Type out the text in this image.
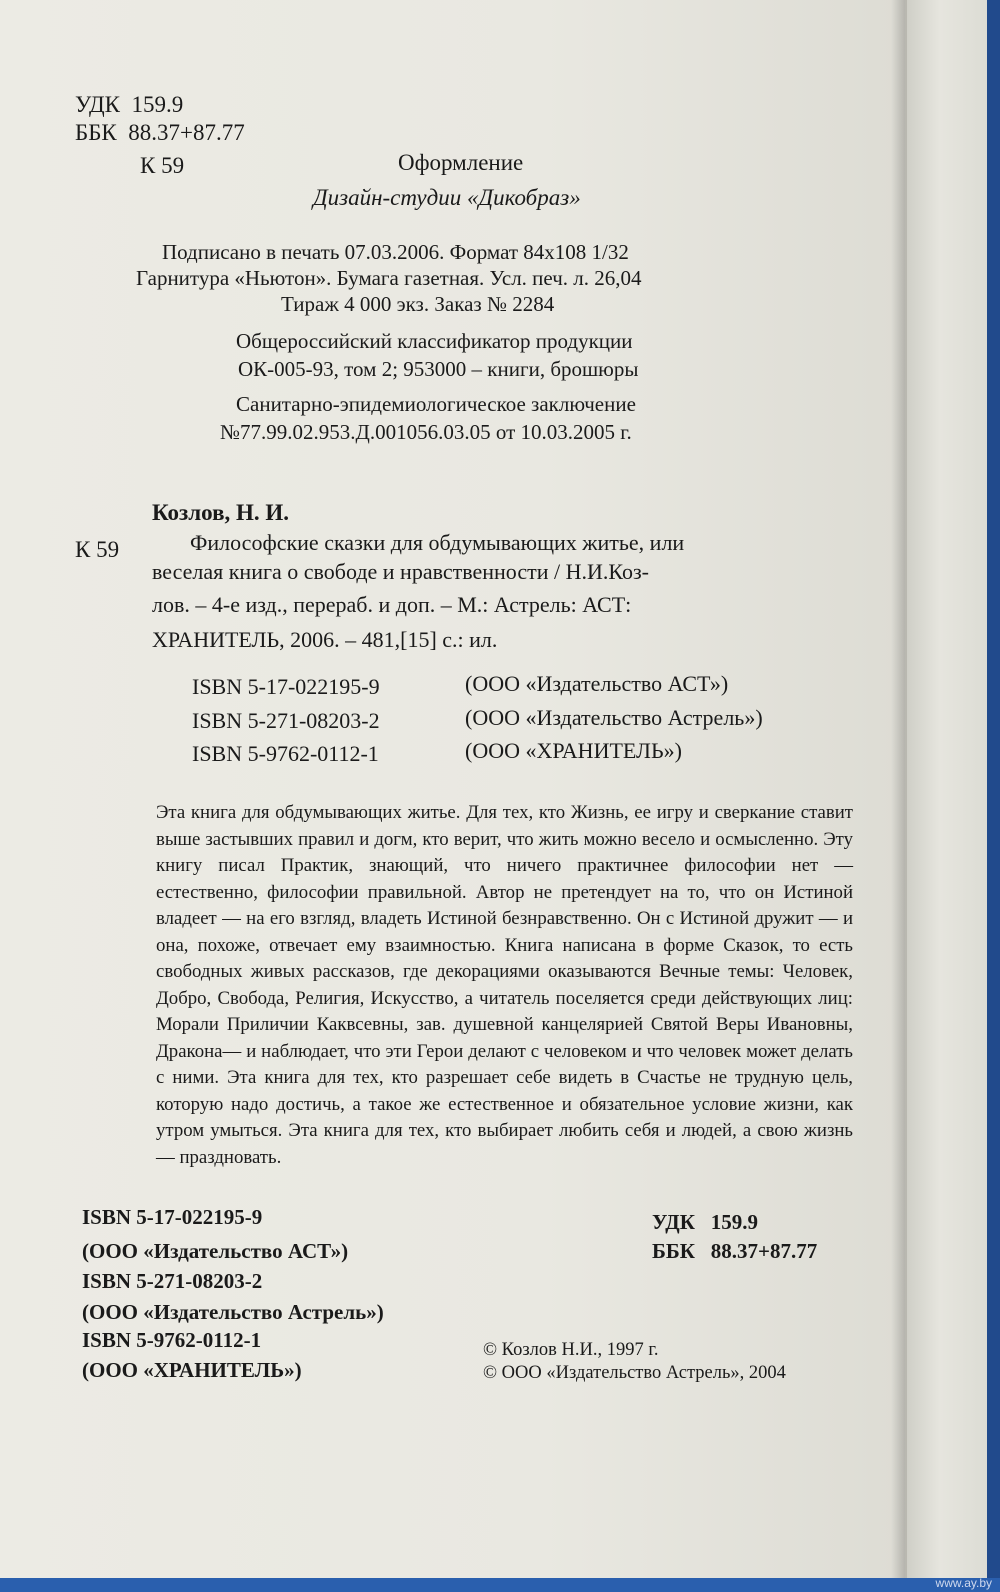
УДК 159.9
ББК 88.37+87.77
К 59	Оформление
Дизайн-студии «Дикобраз»
Подписано в печать 07.03.2006. Формат 84x108 1/32
Гарнитура «Ньютон». Бумага газетная. Усл. печ. л. 26,04
Тираж 4 000 экз. Заказ № 2284
Общероссийский классификатор продукции
ОК-005-93, том 2; 953000 – книги, брошюры
Санитарно-эпидемиологическое заключение
№77.99.02.953.Д.001056.03.05 от 10.03.2005 г.
Козлов, Н. И.
К 59	Философские сказки для обдумывающих житье, или
веселая книга о свободе и нравственности / Н.И.Коз-
лов. – 4-е изд., перераб. и доп. – М.: Астрель: АСТ:
ХРАНИТЕЛЬ, 2006. – 481,[15] с.: ил.
ISBN 5-17-022195-9	(ООО «Издательство АСТ»)
ISBN 5-271-08203-2	(ООО «Издательство Астрель»)
ISBN 5-9762-0112-1	(ООО «ХРАНИТЕЛЬ»)

Эта книга для обдумывающих житье. Для тех, кто Жизнь, ее игру и сверкание ставит выше застывших правил и догм, кто верит, что жить можно весело и осмысленно. Эту книгу писал Практик, знающий, что ничего практичнее философии нет — естественно, философии правильной. Автор не претендует на то, что он Истиной владеет — на его взгляд, владеть Истиной безнравственно. Он с Истиной дружит — и она, похоже, отвечает ему взаимностью. Книга написана в форме Сказок, то есть свободных живых рассказов, где декорациями оказываются Вечные темы: Человек, Добро, Свобода, Религия, Искусство, а читатель поселяется среди действующих лиц: Морали Приличии Каквсевны, зав. душевной канцелярией Святой Веры Ивановны, Дракона— и наблюдает, что эти Герои делают с человеком и что человек может делать с ними. Эта книга для тех, кто разрешает себе видеть в Счастье не трудную цель, которую надо достичь, а такое же естественное и обязательное условие жизни, как утром умыться. Эта книга для тех, кто выбирает любить себя и людей, а свою жизнь — праздновать.

ISBN 5-17-022195-9
(ООО «Издательство АСТ»)
ISBN 5-271-08203-2
(ООО «Издательство Астрель»)
ISBN 5-9762-0112-1
(ООО «ХРАНИТЕЛЬ»)
УДК 159.9
ББК 88.37+87.77
© Козлов Н.И., 1997 г.
© ООО «Издательство Астрель», 2004
www.ay.by
